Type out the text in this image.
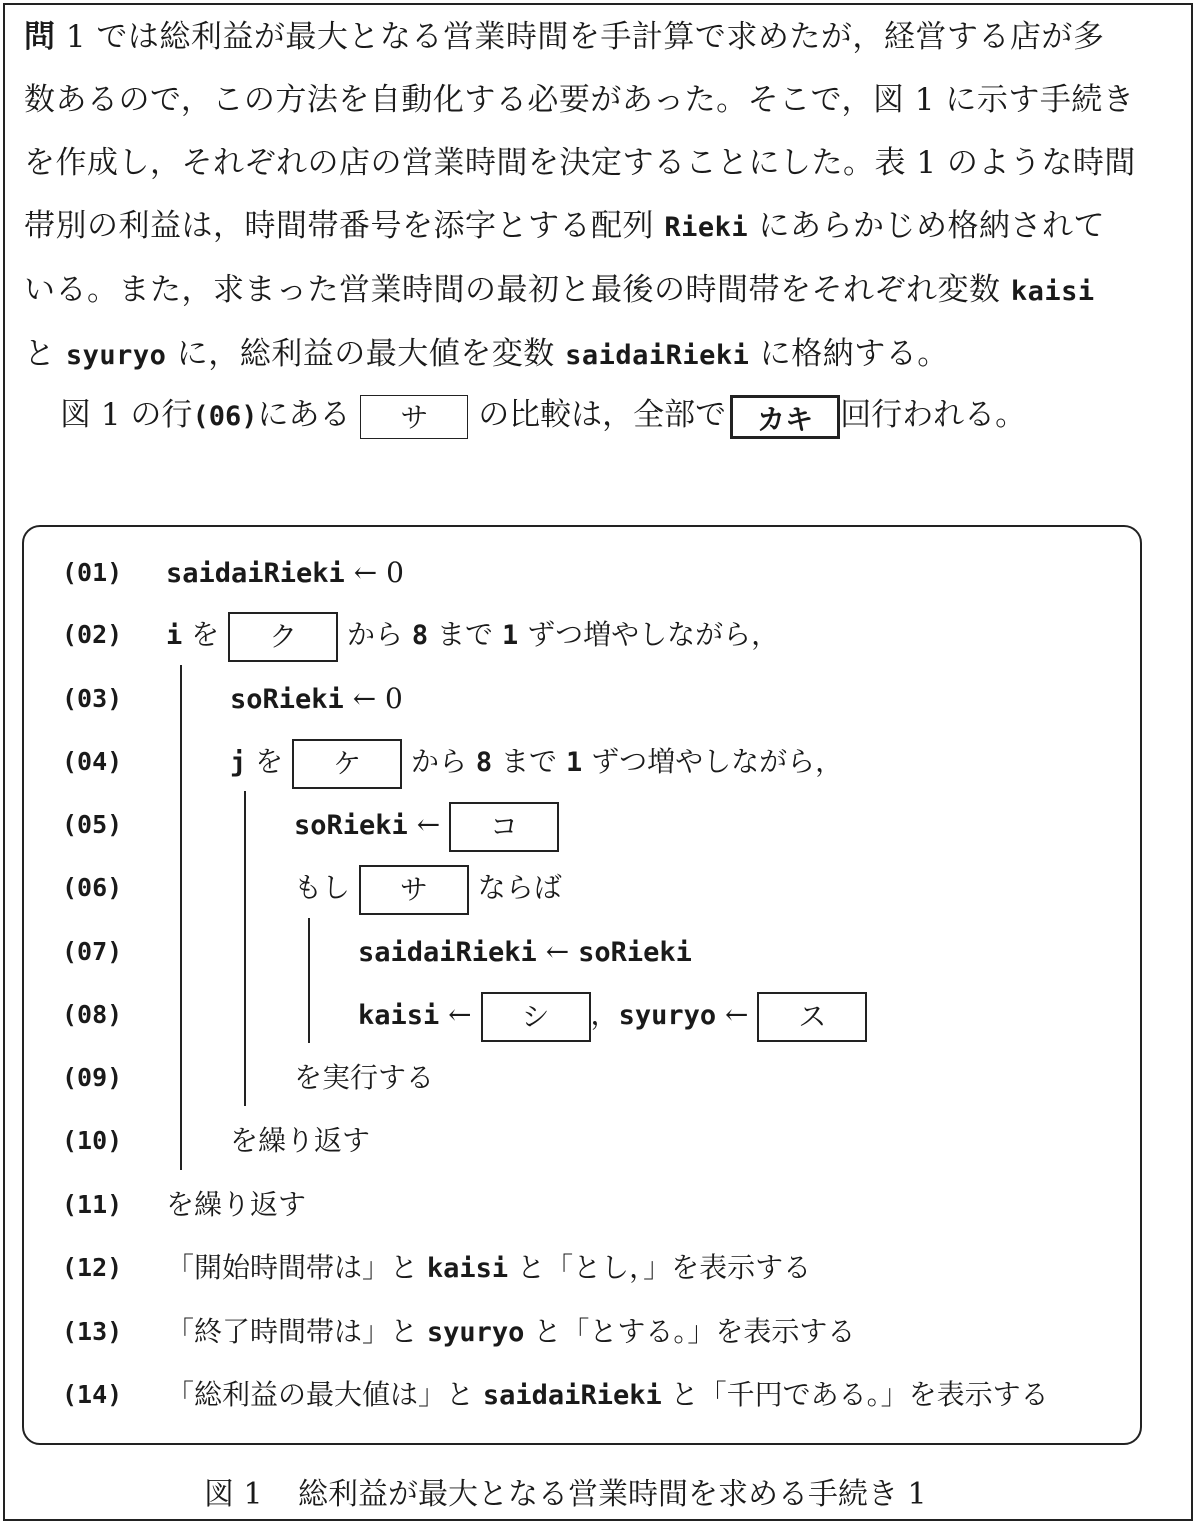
問 1 では総利益が最大となる営業時間を手計算で求めたが，経営する店が多
数あるので，この方法を自動化する必要があった。そこで，図 1 に示す手続き
を作成し，それぞれの店の営業時間を決定することにした。表 1 のような時間
帯別の利益は，時間帯番号を添字とする配列 Rieki にあらかじめ格納されて
いる。また，求まった営業時間の最初と最後の時間帯をそれぞれ変数 kaisi
と syuryo に，総利益の最大値を変数 saidaiRieki に格納する。
図 1 の行(06)にある サ の比較は，全部で カキ 回行われる。
(01) saidaiRieki ← 0
(02) i を ク から 8 まで 1 ずつ増やしながら，
(03)	soRieki ← 0
(04)	j を ケ から 8 まで 1 ずつ増やしながら，
(05)	soRieki ← コ
(06)	もし サ ならば
(07)	saidaiRieki ← soRieki
(08)	kaisi ← シ ，syuryo ← ス
(09)	を実行する
(10)	を繰り返す
(11) を繰り返す
(12) 「開始時間帯は」と kaisi と「とし，」を表示する
(13) 「終了時間帯は」と syuryo と「とする。」を表示する
(14) 「総利益の最大値は」と saidaiRieki と「千円である。」を表示する
図 1 総利益が最大となる営業時間を求める手続き 1
